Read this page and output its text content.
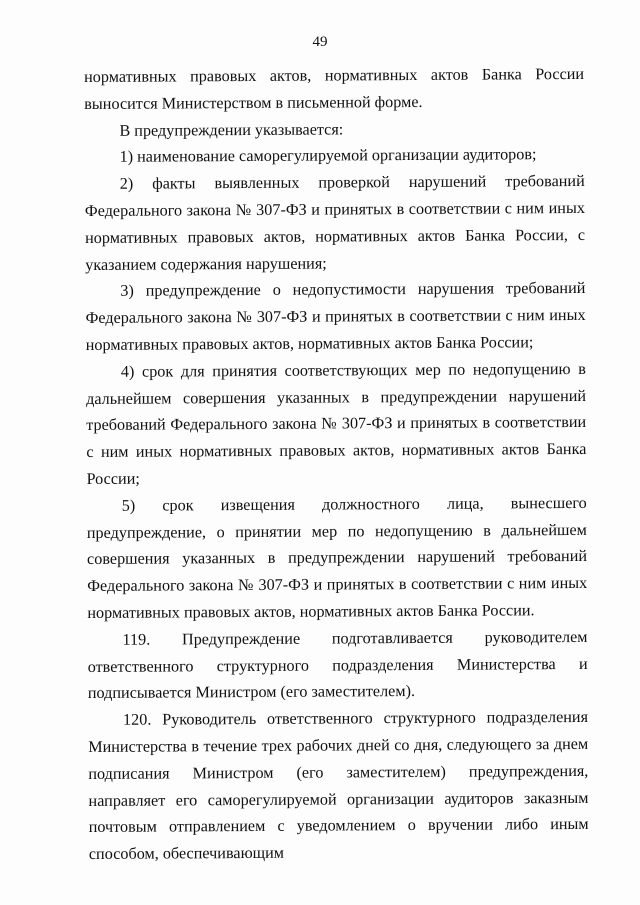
49

нормативных правовых актов, нормативных актов Банка России выносится Министерством в письменной форме.

В предупреждении указывается:

1) наименование саморегулируемой организации аудиторов;

2) факты выявленных проверкой нарушений требований Федерального закона № 307-ФЗ и принятых в соответствии с ним иных нормативных правовых актов, нормативных актов Банка России, с указанием содержания нарушения;

3) предупреждение о недопустимости нарушения требований Федерального закона № 307-ФЗ и принятых в соответствии с ним иных нормативных правовых актов, нормативных актов Банка России;

4) срок для принятия соответствующих мер по недопущению в дальнейшем совершения указанных в предупреждении нарушений требований Федерального закона № 307-ФЗ и принятых в соответствии с ним иных нормативных правовых актов, нормативных актов Банка России;

5) срок извещения должностного лица, вынесшего предупреждение, о принятии мер по недопущению в дальнейшем совершения указанных в предупреждении нарушений требований Федерального закона № 307-ФЗ и принятых в соответствии с ним иных нормативных правовых актов, нормативных актов Банка России.

119. Предупреждение подготавливается руководителем ответственного структурного подразделения Министерства и подписывается Министром (его заместителем).

120. Руководитель ответственного структурного подразделения Министерства в течение трех рабочих дней со дня, следующего за днем подписания Министром (его заместителем) предупреждения, направляет его саморегулируемой организации аудиторов заказным почтовым отправлением с уведомлением о вручении либо иным способом, обеспечивающим
